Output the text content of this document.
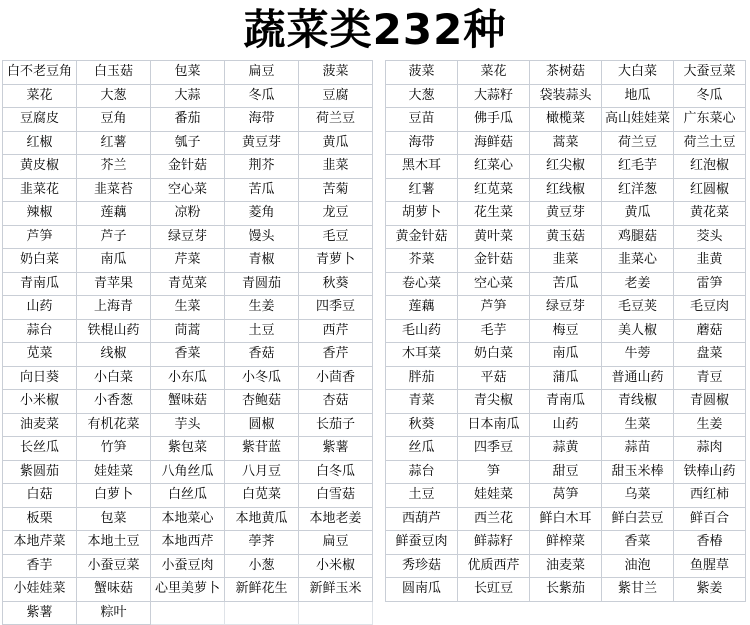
蔬菜类232种
白不老豆角	白玉菇	包菜	扁豆	菠菜
菜花	大葱	大蒜	冬瓜	豆腐
豆腐皮	豆角	番茄	海带	荷兰豆
红椒	红薯	瓠子	黄豆芽	黄瓜
黄皮椒	芥兰	金针菇	荆芥	韭菜
韭菜花	韭菜苔	空心菜	苦瓜	苦菊
辣椒	莲藕	凉粉	菱角	龙豆
芦笋	芦子	绿豆芽	馒头	毛豆
奶白菜	南瓜	芹菜	青椒	青萝卜
青南瓜	青苹果	青苋菜	青圆茄	秋葵
山药	上海青	生菜	生姜	四季豆
蒜台	铁棍山药	茼蒿	土豆	西芹
苋菜	线椒	香菜	香菇	香芹
向日葵	小白菜	小东瓜	小冬瓜	小茴香
小米椒	小香葱	蟹味菇	杏鲍菇	杏菇
油麦菜	有机花菜	芋头	圆椒	长茄子
长丝瓜	竹笋	紫包菜	紫苷蓝	紫薯
紫圆茄	娃娃菜	八角丝瓜	八月豆	白冬瓜
白菇	白萝卜	白丝瓜	白苋菜	白雪菇
板栗	包菜	本地菜心	本地黄瓜	本地老姜
本地芹菜	本地土豆	本地西芹	荸荠	扁豆
香芋	小蚕豆菜	小蚕豆肉	小葱	小米椒
小娃娃菜	蟹味菇	心里美萝卜	新鲜花生	新鲜玉米
紫薯	粽叶			
菠菜	菜花	茶树菇	大白菜	大蚕豆菜
大葱	大蒜籽	袋装蒜头	地瓜	冬瓜
豆苗	佛手瓜	橄榄菜	高山娃娃菜	广东菜心
海带	海鲜菇	蒿菜	荷兰豆	荷兰土豆
黑木耳	红菜心	红尖椒	红毛芋	红泡椒
红薯	红苋菜	红线椒	红洋葱	红圆椒
胡萝卜	花生菜	黄豆芽	黄瓜	黄花菜
黄金针菇	黄叶菜	黄玉菇	鸡腿菇	茭头
芥菜	金针菇	韭菜	韭菜心	韭黄
卷心菜	空心菜	苦瓜	老姜	雷笋
莲藕	芦笋	绿豆芽	毛豆荚	毛豆肉
毛山药	毛芋	梅豆	美人椒	蘑菇
木耳菜	奶白菜	南瓜	牛蒡	盘菜
胖茄	平菇	蒲瓜	普通山药	青豆
青菜	青尖椒	青南瓜	青线椒	青圆椒
秋葵	日本南瓜	山药	生菜	生姜
丝瓜	四季豆	蒜黄	蒜苗	蒜肉
蒜台	笋	甜豆	甜玉米棒	铁棒山药
土豆	娃娃菜	莴笋	乌菜	西红柿
西葫芦	西兰花	鲜白木耳	鲜白芸豆	鲜百合
鲜蚕豆肉	鲜蒜籽	鲜榨菜	香菜	香椿
秀珍菇	优质西芹	油麦菜	油泡	鱼腥草
圆南瓜	长豇豆	长紫茄	紫甘兰	紫姜
